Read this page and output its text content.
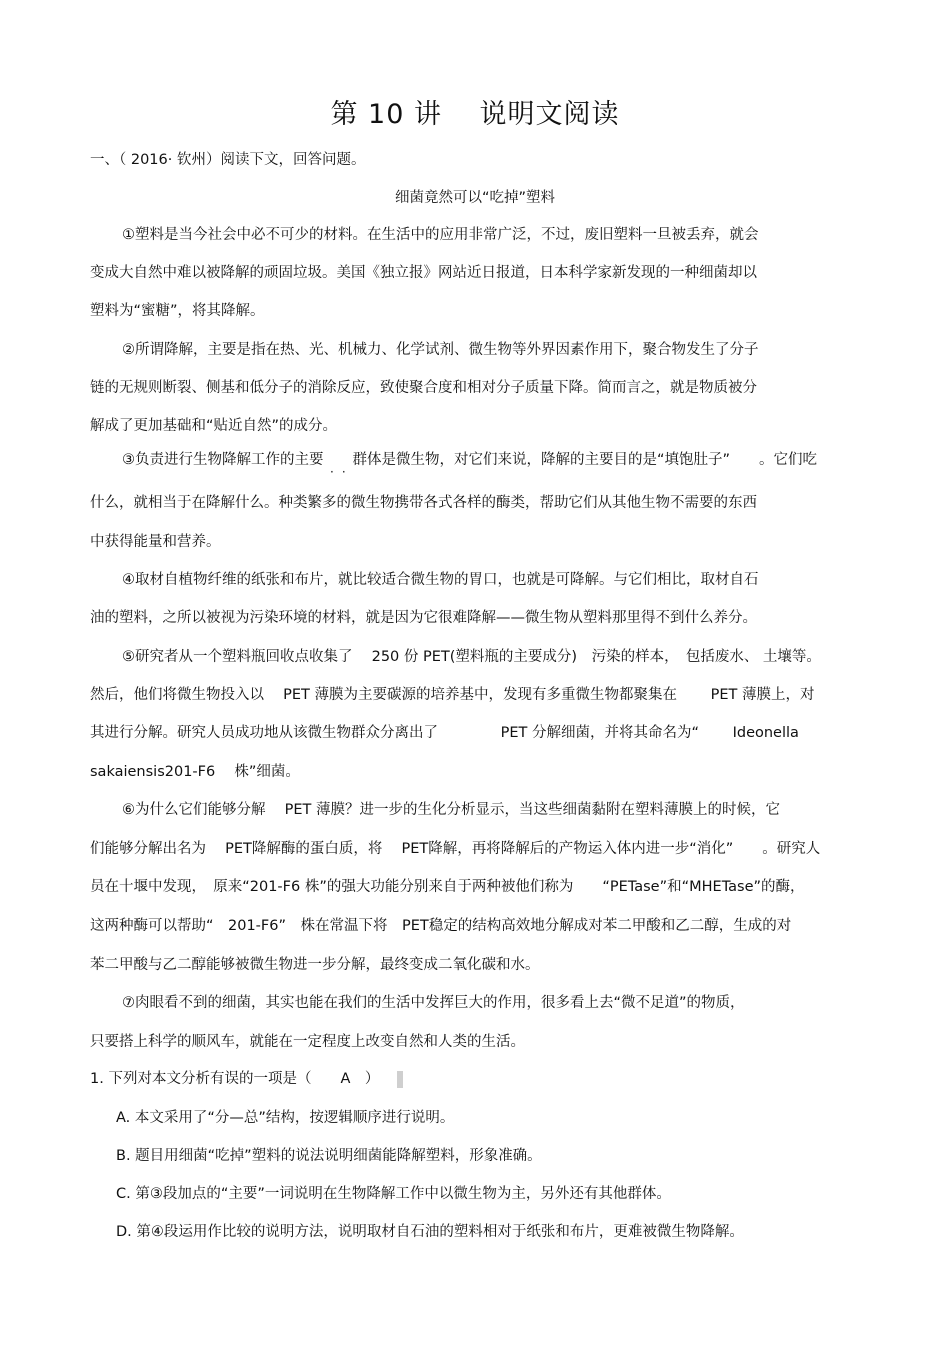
第 10 讲　 说明文阅读
一、（ 2016· 钦州）阅读下文，回答问题。
细菌竟然可以“吃掉”塑料
①塑料是当今社会中必不可少的材料。在生活中的应用非常广泛，不过，废旧塑料一旦被丢弃，就会
变成大自然中难以被降解的顽固垃圾。美国《独立报》网站近日报道，日本科学家新发现的一种细菌却以
塑料为“蜜糖”，将其降解。
②所谓降解，主要是指在热、光、机械力、化学试剂、微生物等外界因素作用下，聚合物发生了分子
链的无规则断裂、侧基和低分子的消除反应，致使聚合度和相对分子质量下降。简而言之，就是物质被分
解成了更加基础和“贴近自然”的成分。
③负责进行生物降解工作的主要　　群体是微生物，对它们来说，降解的主要目的是“填饱肚子”　　。它们吃
··
什么，就相当于在降解什么。种类繁多的微生物携带各式各样的酶类，帮助它们从其他生物不需要的东西
中获得能量和营养。
④取材自植物纤维的纸张和布片，就比较适合微生物的胃口，也就是可降解。与它们相比，取材自石
油的塑料，之所以被视为污染环境的材料，就是因为它很难降解——微生物从塑料那里得不到什么养分。
⑤研究者从一个塑料瓶回收点收集了　 250 份 PET(塑料瓶的主要成分)　污染的样本，　包括废水、 土壤等。
然后，他们将微生物投入以　 PET 薄膜为主要碳源的培养基中，发现有多重微生物都聚集在　　 PET 薄膜上，对
其进行分解。研究人员成功地从该微生物群众分离出了　　　　 PET 分解细菌，并将其命名为“　　 Ideonella
sakaiensis201-F6　 株”细菌。
⑥为什么它们能够分解　 PET 薄膜？进一步的生化分析显示，当这些细菌黏附在塑料薄膜上的时候，它
们能够分解出名为　 PET降解酶的蛋白质，将　 PET降解，再将降解后的产物运入体内进一步“消化”　　。研究人
员在十堰中发现，　原来“201-F6 株”的强大功能分别来自于两种被他们称为　　“PETase”和“MHETase”的酶，
这两种酶可以帮助“　201-F6”　株在常温下将　PET稳定的结构高效地分解成对苯二甲酸和乙二醇，生成的对
苯二甲酸与乙二醇能够被微生物进一步分解，最终变成二氧化碳和水。
⑦肉眼看不到的细菌，其实也能在我们的生活中发挥巨大的作用，很多看上去“微不足道”的物质，
只要搭上科学的顺风车，就能在一定程度上改变自然和人类的生活。
1. 下列对本文分析有误的一项是（　　A　）
A. 本文采用了“分—总”结构，按逻辑顺序进行说明。
B. 题目用细菌“吃掉”塑料的说法说明细菌能降解塑料，形象准确。
C. 第③段加点的“主要”一词说明在生物降解工作中以微生物为主，另外还有其他群体。
D. 第④段运用作比较的说明方法，说明取材自石油的塑料相对于纸张和布片，更难被微生物降解。
